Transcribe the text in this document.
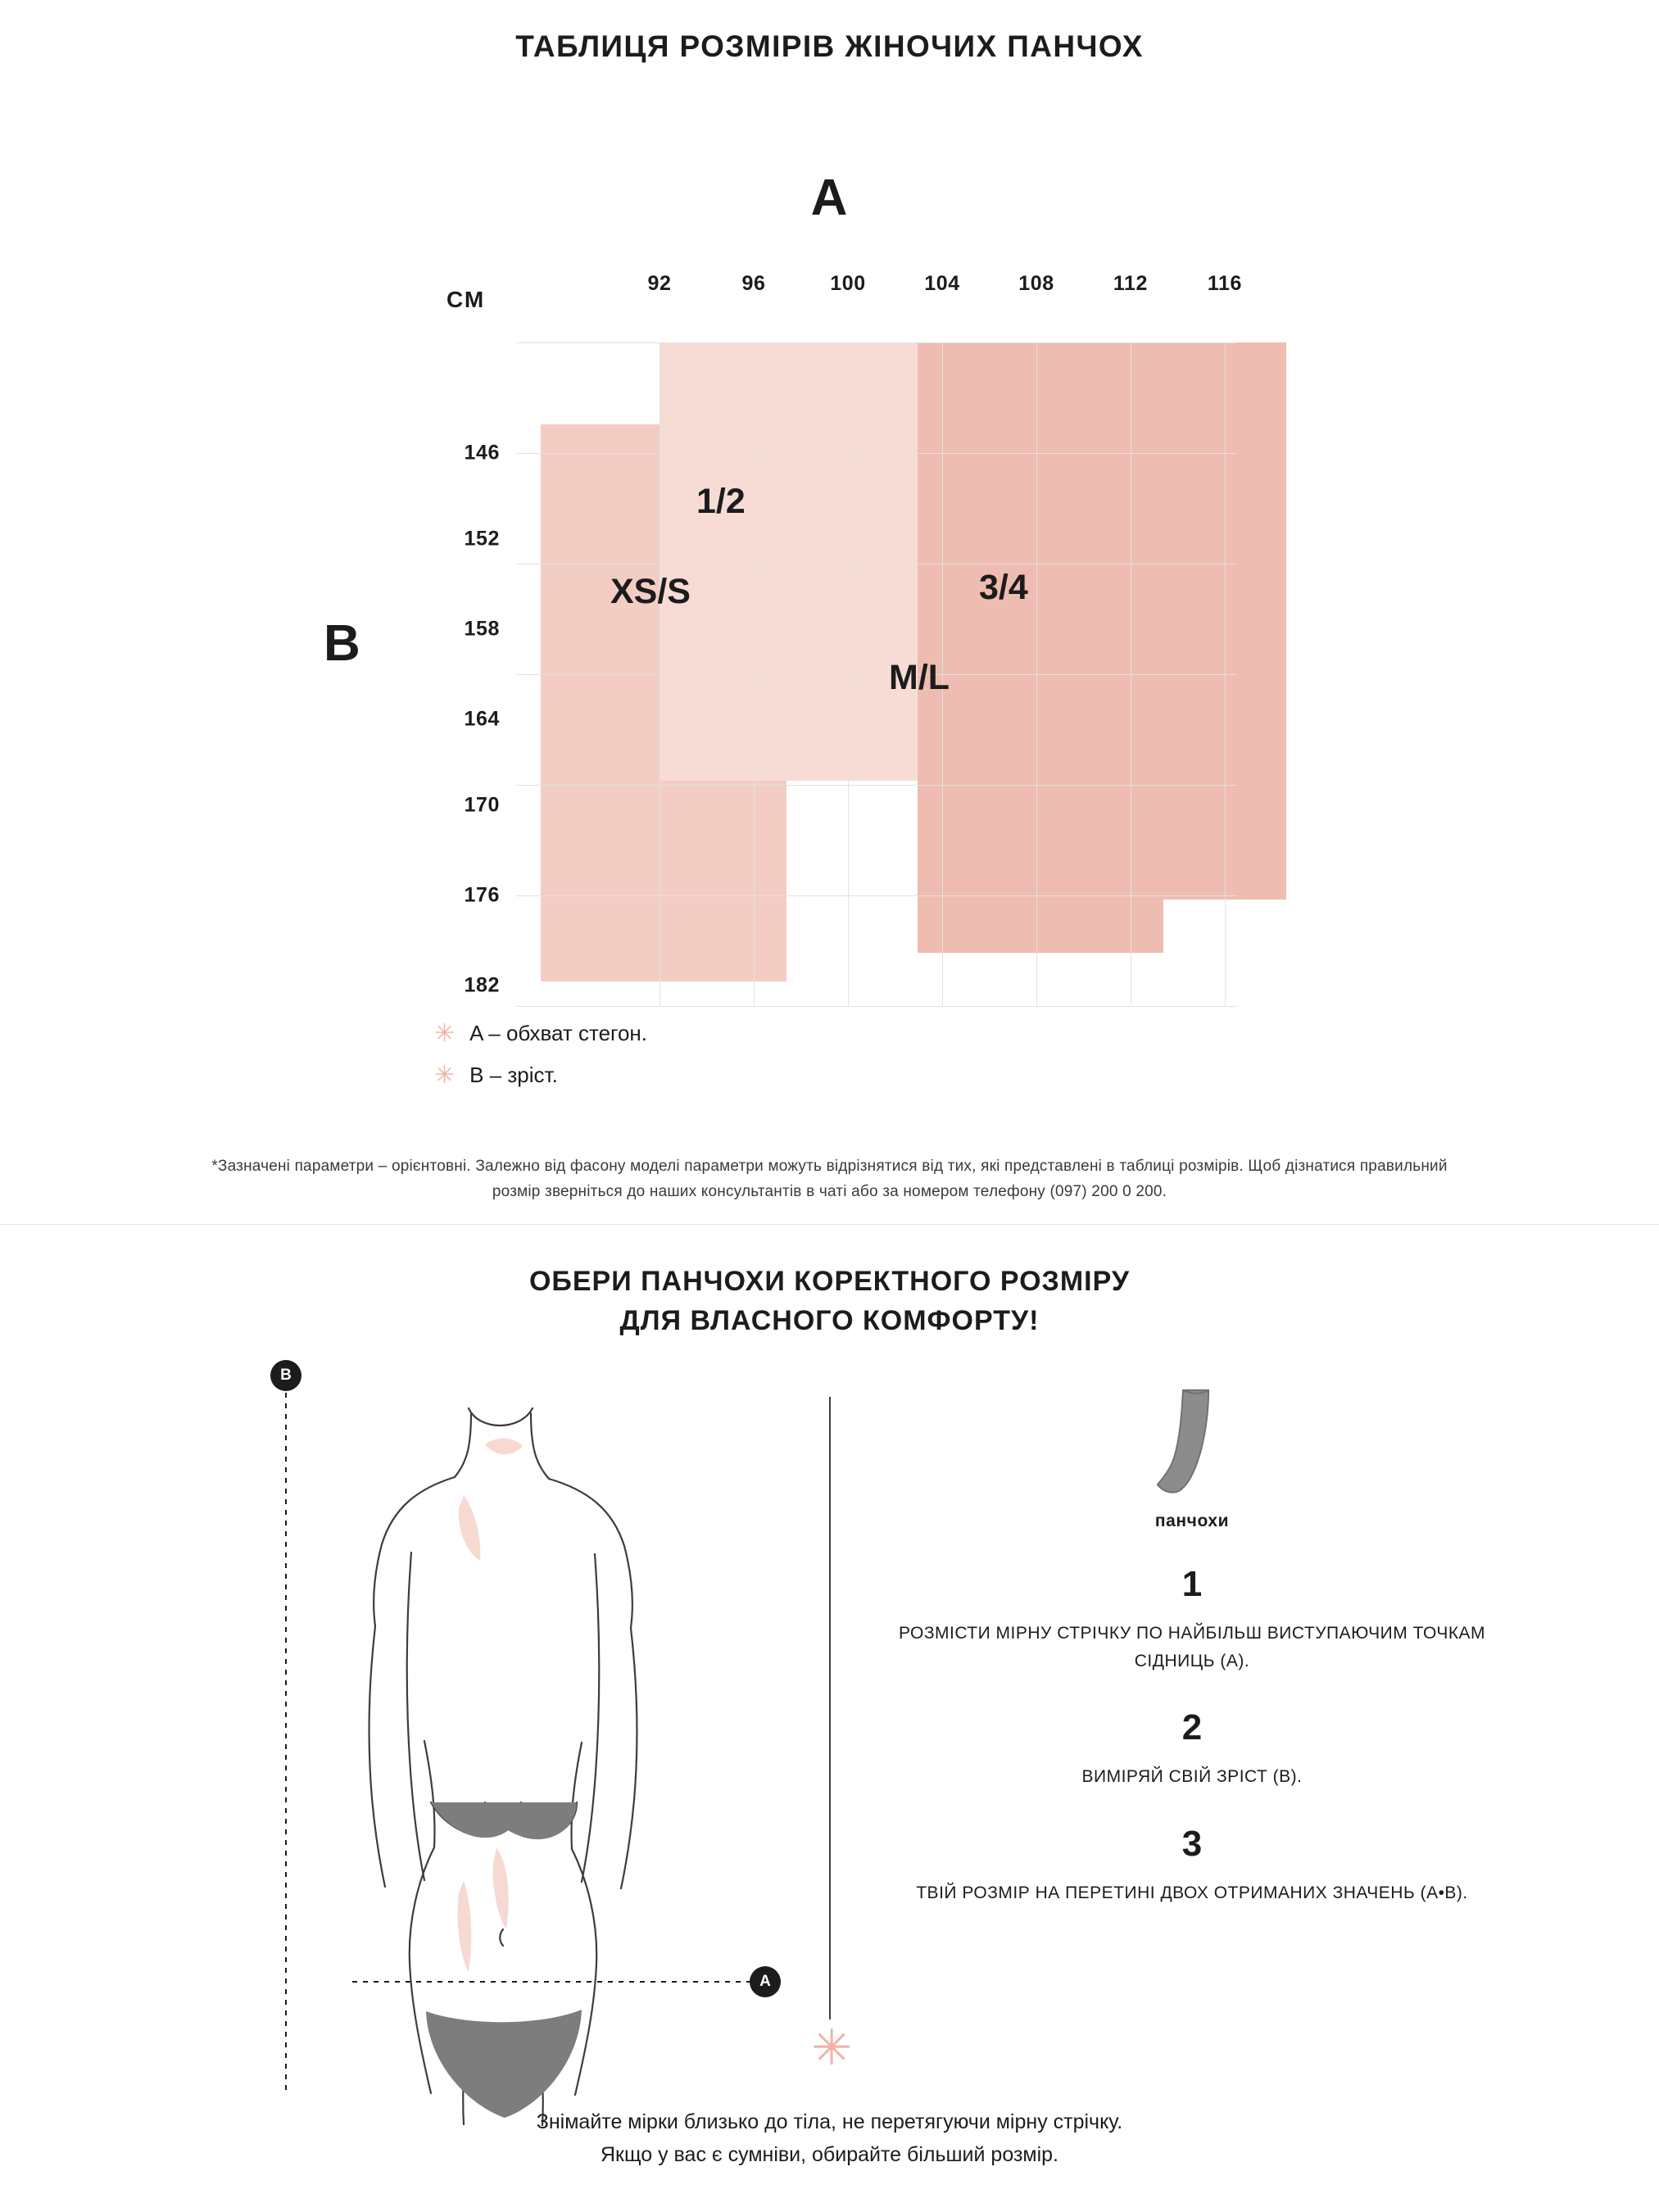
ТАБЛИЦЯ РОЗМІРІВ ЖІНОЧИХ ПАНЧОХ
A
B
CM
92	96	100	104	108	112	116
146
152
158
164
170
176
182
1/2
XS/S	3/4
M/L
✳ A – обхват стегон.
✳ B – зріст.
*Зазначені параметри – орієнтовні. Залежно від фасону моделі параметри можуть відрізнятися від тих, які представлені в таблиці розмірів. Щоб дізнатися правильний розмір зверніться до наших консультантів в чаті або за номером телефону (097) 200 0 200.
ОБЕРИ ПАНЧОХИ КОРЕКТНОГО РОЗМІРУ
ДЛЯ ВЛАСНОГО КОМФОРТУ!
B
A
панчохи
1
РОЗМІСТИ МІРНУ СТРІЧКУ ПО НАЙБІЛЬШ ВИСТУПАЮЧИМ ТОЧКАМ СІДНИЦЬ (A).
2
ВИМІРЯЙ СВІЙ ЗРІСТ (B).
3
ТВІЙ РОЗМІР НА ПЕРЕТИНІ ДВОХ ОТРИМАНИХ ЗНАЧЕНЬ (A•B).
✳
Знімайте мірки близько до тіла, не перетягуючи мірну стрічку.
Якщо у вас є сумніви, обирайте більший розмір.
